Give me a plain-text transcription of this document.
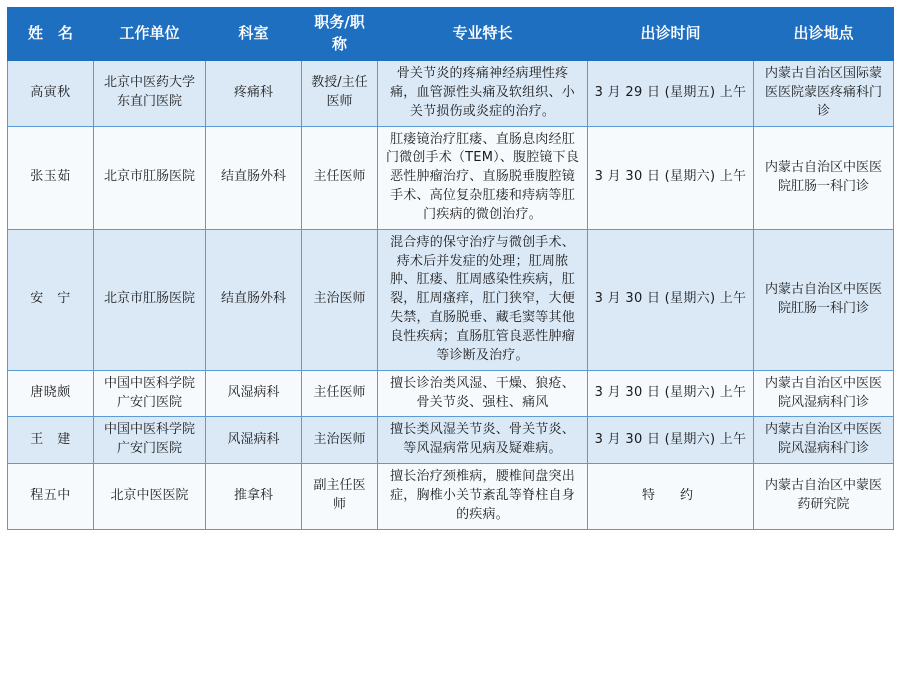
姓　名	工作单位	科室	职务/职称	专业特长	出诊时间	出诊地点
高寅秋	北京中医药大学东直门医院	疼痛科	教授/主任医师	骨关节炎的疼痛神经病理性疼痛，血管源性头痛及软组织、小关节损伤或炎症的治疗。	3 月 29 日 (星期五) 上午	内蒙古自治区国际蒙医医院蒙医疼痛科门诊
张玉茹	北京市肛肠医院	结直肠外科	主任医师	肛瘘镜治疗肛瘘、直肠息肉经肛门微创手术（TEM）、腹腔镜下良恶性肿瘤治疗、直肠脱垂腹腔镜手术、高位复杂肛瘘和痔病等肛门疾病的微创治疗。	3 月 30 日 (星期六) 上午	内蒙古自治区中医医院肛肠一科门诊
安　宁	北京市肛肠医院	结直肠外科	主治医师	混合痔的保守治疗与微创手术、痔术后并发症的处理；肛周脓肿、肛瘘、肛周感染性疾病，肛裂，肛周瘙痒，肛门狭窄，大便失禁，直肠脱垂、藏毛窦等其他良性疾病；直肠肛管良恶性肿瘤等诊断及治疗。	3 月 30 日 (星期六) 上午	内蒙古自治区中医医院肛肠一科门诊
唐晓颇	中国中医科学院广安门医院	风湿病科	主任医师	擅长诊治类风湿、干燥、狼疮、骨关节炎、强柱、痛风	3 月 30 日 (星期六) 上午	内蒙古自治区中医医院风湿病科门诊
王　建	中国中医科学院广安门医院	风湿病科	主治医师	擅长类风湿关节炎、骨关节炎、等风湿病常见病及疑难病。	3 月 30 日 (星期六) 上午	内蒙古自治区中医医院风湿病科门诊
程五中	北京中医医院	推拿科	副主任医师	擅长治疗颈椎病，腰椎间盘突出症，胸椎小关节紊乱等脊柱自身的疾病。	特　约	内蒙古自治区中蒙医药研究院
